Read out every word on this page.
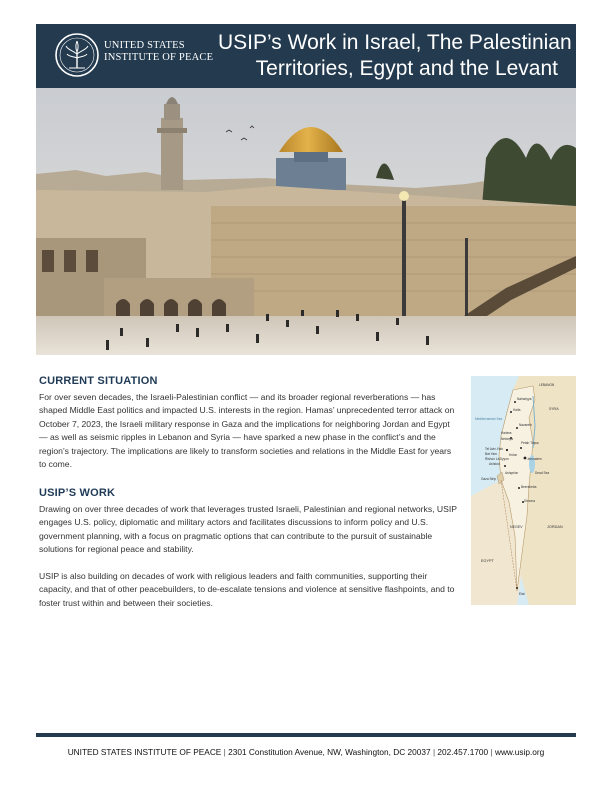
UNITED STATES
INSTITUTE OF PEACE
USIP’s Work in Israel, The Palestinian
Territories, Egypt and the Levant
CURRENT SITUATION

For over seven decades, the Israeli-Palestinian conflict — and its broader regional reverberations — has shaped Middle East politics and impacted U.S. interests in the region. Hamas’ unprecedented terror attack on October 7, 2023, the Israeli military response in Gaza and the implications for neighboring Jordan and Egypt — as well as seismic ripples in Lebanon and Syria — have sparked a new phase in the conflict’s and the region’s trajectory. The implications are likely to transform societies and relations in the Middle East for years to come.

USIP’S WORK

Drawing on over three decades of work that leverages trusted Israeli, Palestinian and regional networks, USIP engages U.S. policy, diplomatic and military actors and facilitates discussions to inform policy and U.S. government planning, with a focus on pragmatic options that can contribute to the pursuit of sustainable solutions for regional peace and stability.

USIP is also building on decades of work with religious leaders and faith communities, supporting their capacity, and that of other peacebuilders, to de-escalate tensions and violence at sensitive flashpoints, and to foster trust within and between their societies.

LEBANON
SYRIA
Nahariyya
Haifa
Nazareth
Hadera
Netanya
Tel Aviv-Yafo
Petah Tiqwa
Bat Yam	Holon
Rishon LeZiyyon
Ashdod
Jerusalem
Ashqelon
Gaza Strip
Beersheba
Dimona
Dead Sea
Mediterranean Sea
NEGEV	JORDAN
EGYPT
Elat

UNITED STATES INSTITUTE OF PEACE | 2301 Constitution Avenue, NW, Washington, DC 20037 | 202.457.1700 | www.usip.org
